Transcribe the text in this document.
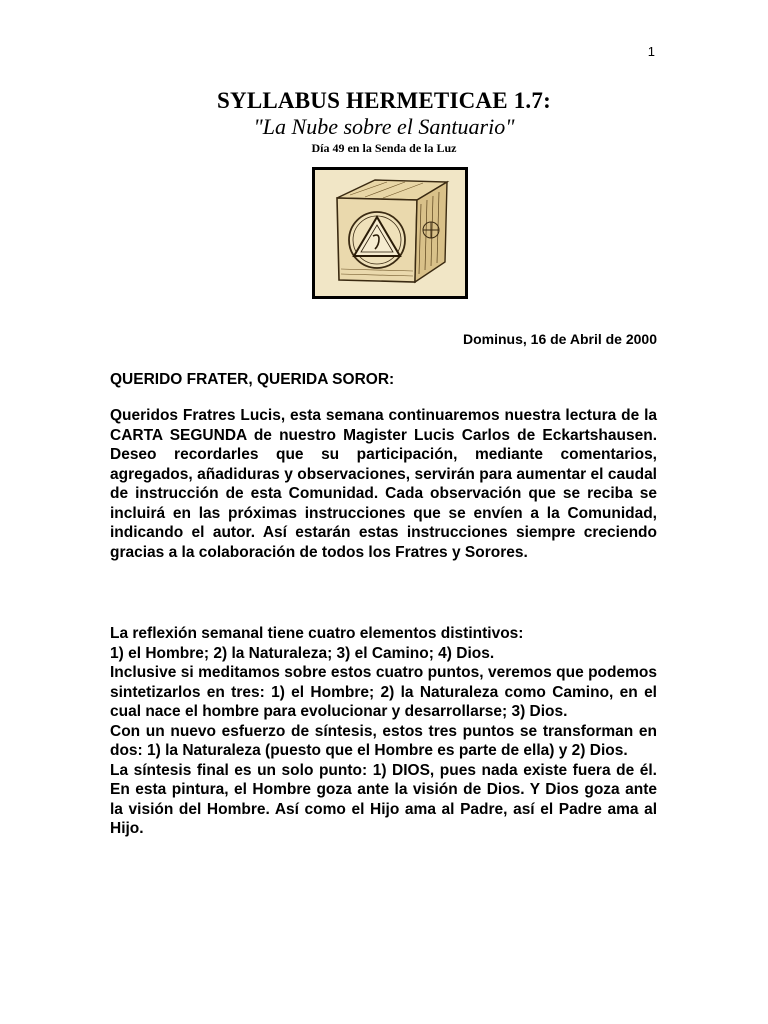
1
SYLLABUS HERMETICAE 1.7:
"La Nube sobre el Santuario"
Día 49 en la Senda de la Luz
Dominus, 16 de Abril de 2000
QUERIDO FRATER, QUERIDA SOROR:

Queridos Fratres Lucis, esta semana continuaremos nuestra lectura de la CARTA SEGUNDA de nuestro Magister Lucis Carlos de Eckartshausen. Deseo recordarles que su participación, mediante comentarios, agregados, añadiduras y observaciones, servirán para aumentar el caudal de instrucción de esta Comunidad. Cada observación que se reciba se incluirá en las próximas instrucciones que se envíen a la Comunidad, indicando el autor. Así estarán estas instrucciones siempre creciendo gracias a la colaboración de todos los Fratres y Sorores.

La reflexión semanal tiene cuatro elementos distintivos:

1) el Hombre; 2) la Naturaleza; 3) el Camino; 4) Dios.

Inclusive si meditamos sobre estos cuatro puntos, veremos que podemos sintetizarlos en tres: 1) el Hombre; 2) la Naturaleza como Camino, en el cual nace el hombre para evolucionar y desarrollarse; 3) Dios.

Con un nuevo esfuerzo de síntesis, estos tres puntos se transforman en dos: 1) la Naturaleza (puesto que el Hombre es parte de ella) y 2) Dios.

La síntesis final es un solo punto: 1) DIOS, pues nada existe fuera de él. En esta pintura, el Hombre goza ante la visión de Dios. Y Dios goza ante la visión del Hombre. Así como el Hijo ama al Padre, así el Padre ama al Hijo.
